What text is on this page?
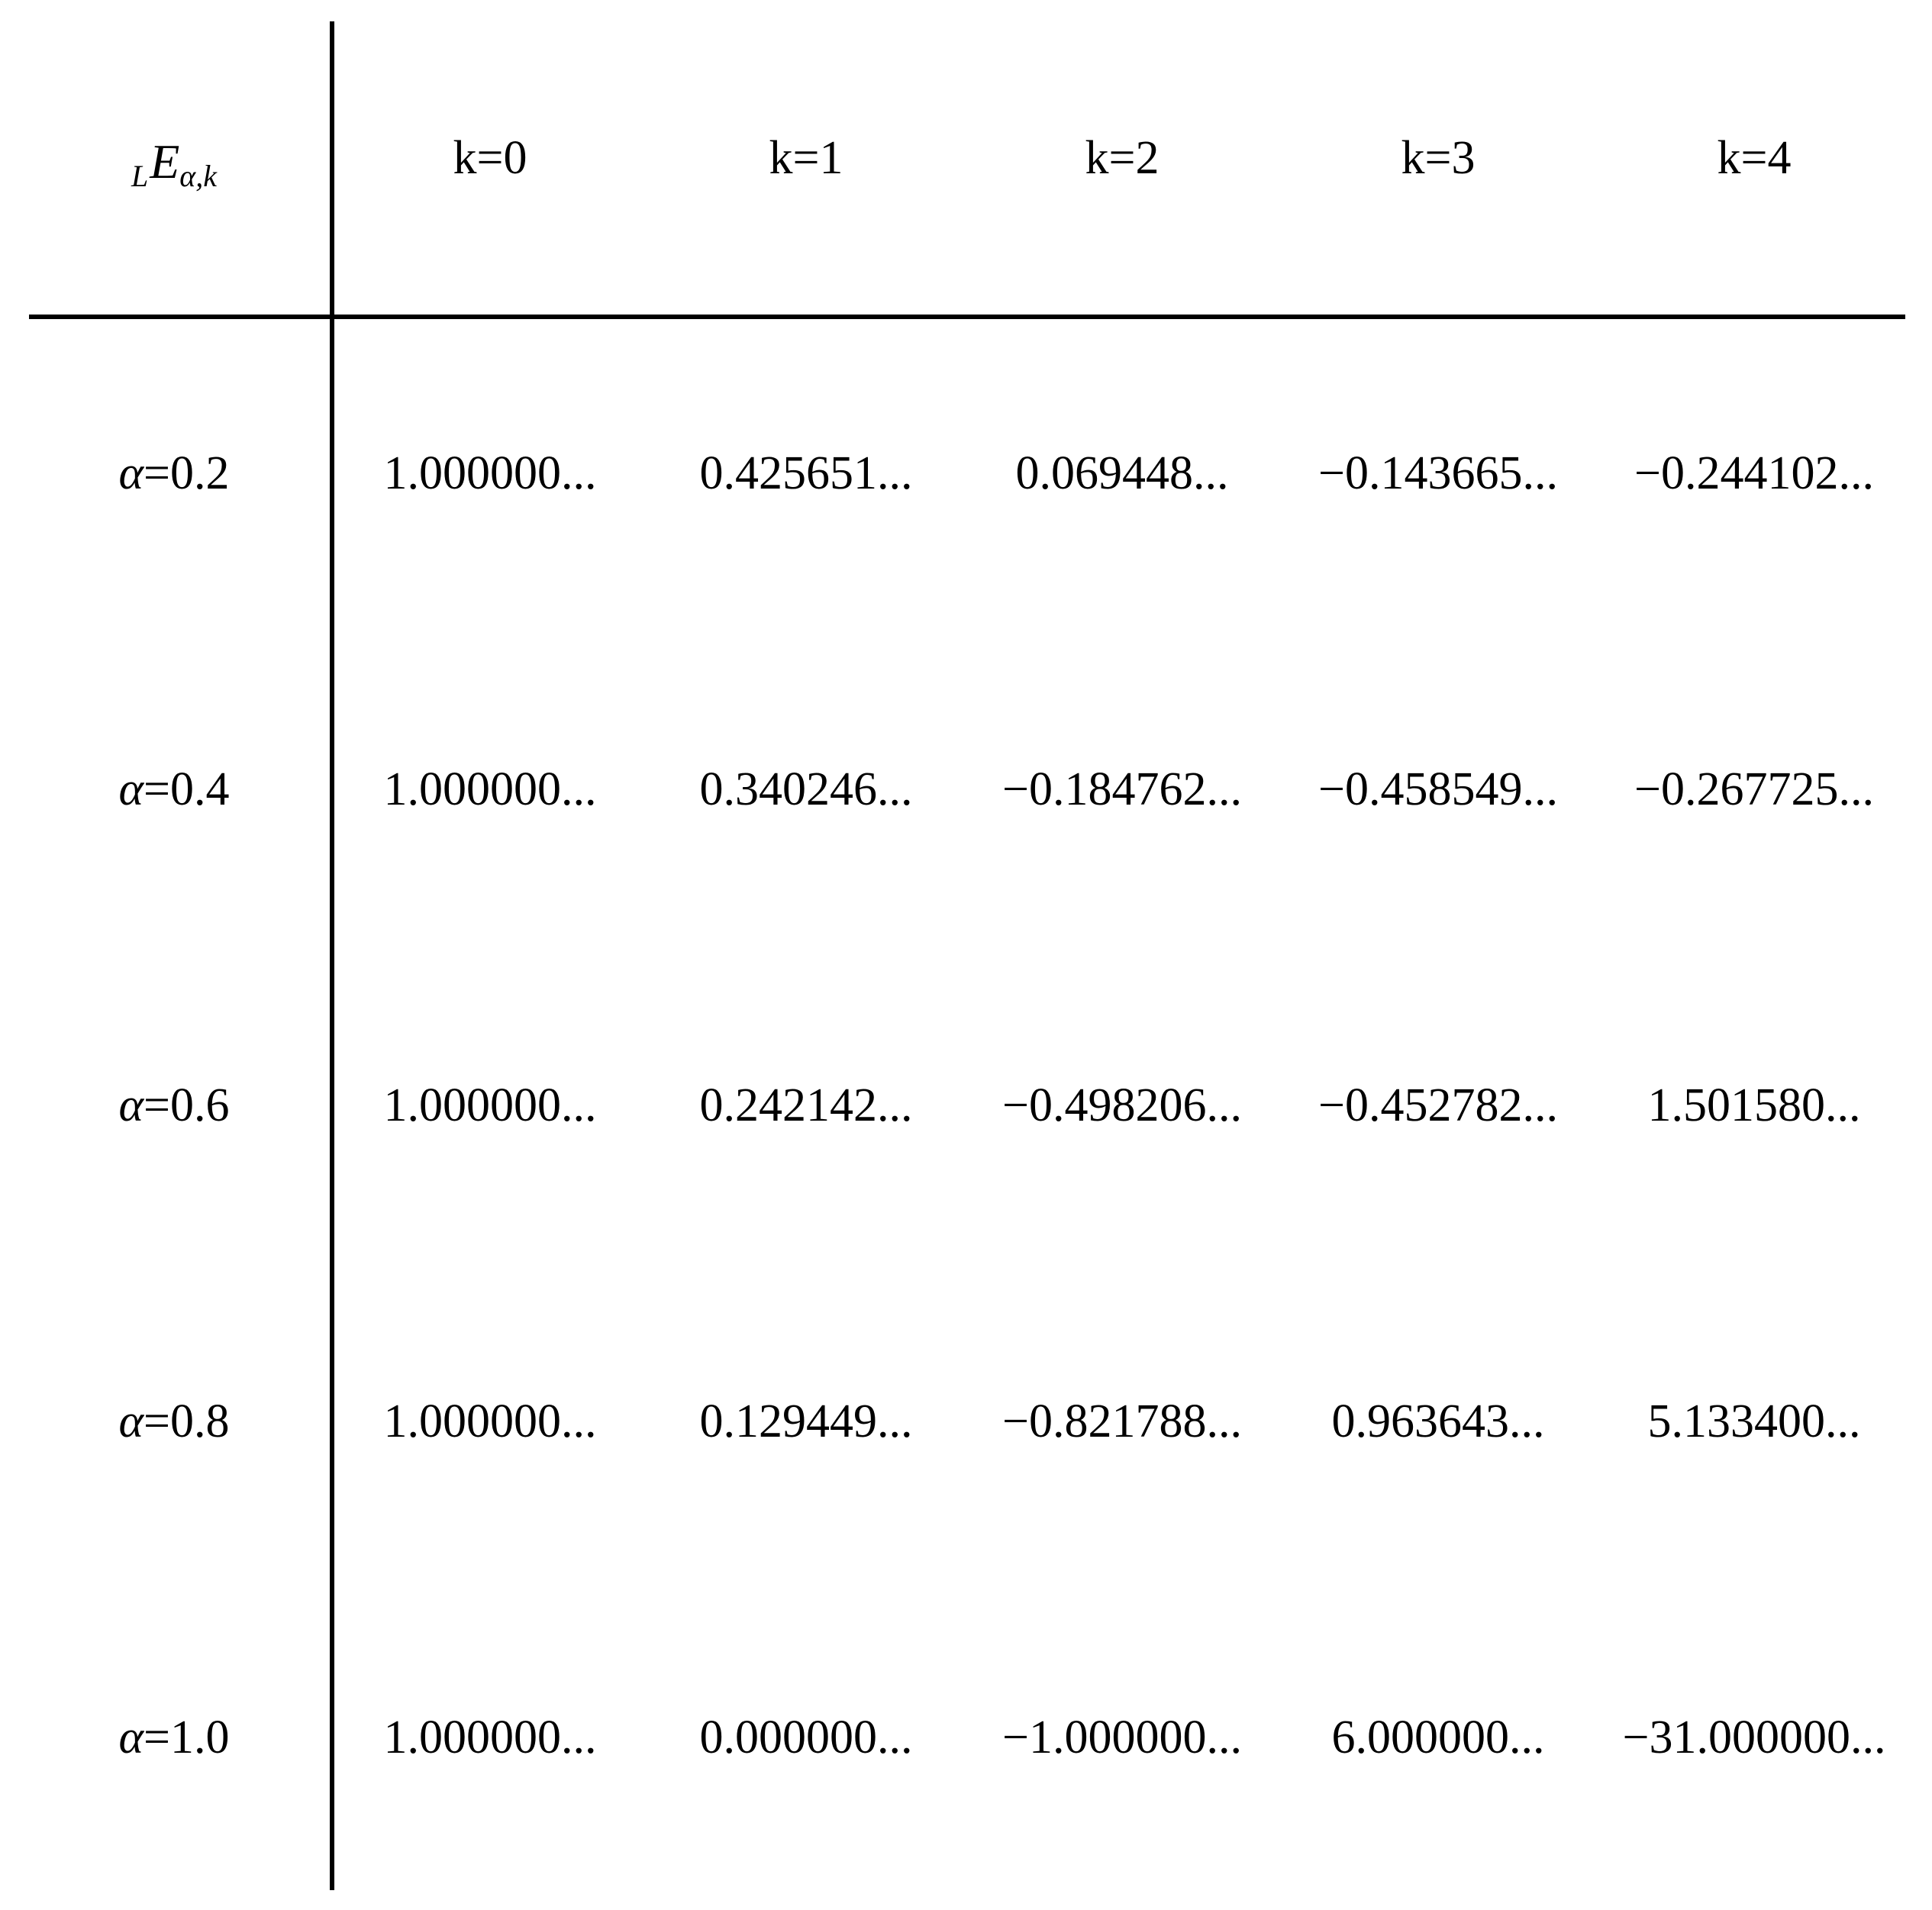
L E α,k	k=0	k=1	k=2	k=3	k=4
α =0.2	1.000000...	0.425651...	0.069448...	−0.143665...	−0.244102...
α =0.4	1.000000...	0.340246...	−0.184762...	−0.458549...	−0.267725...
α =0.6	1.000000...	0.242142...	−0.498206...	−0.452782...	1.501580...
α =0.8	1.000000...	0.129449...	−0.821788...	0.963643...	5.133400...
α =1.0	1.000000...	0.000000...	−1.000000...	6.000000...	−31.000000...
